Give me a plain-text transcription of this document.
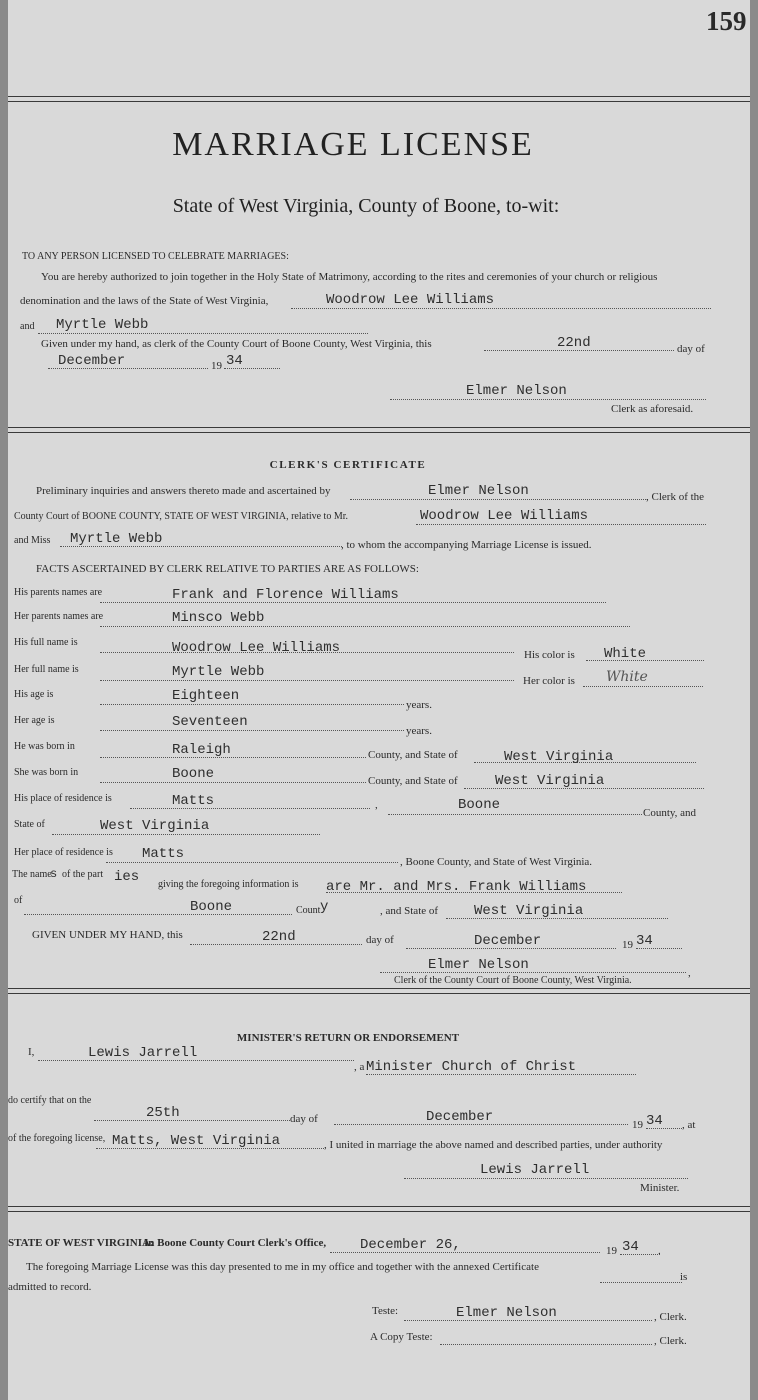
159
MARRIAGE LICENSE
State of West Virginia, County of Boone, to-wit:
TO ANY PERSON LICENSED TO CELEBRATE MARRIAGES:
You are hereby authorized to join together in the Holy State of Matrimony, according to the rites and ceremonies of your church or religious
denomination and the laws of the State of West Virginia,	Woodrow Lee Williams
and Myrtle Webb
Given under my hand, as clerk of the County Court of Boone County, West Virginia, this	22nd	day of
December	19 34
Elmer Nelson
Clerk as aforesaid.
CLERK'S CERTIFICATE
Preliminary inquiries and answers thereto made and ascertained by	Elmer Nelson	, Clerk of the
County Court of BOONE COUNTY, STATE OF WEST VIRGINIA, relative to Mr.	Woodrow Lee Williams
and Miss Myrtle Webb	, to whom the accompanying Marriage License is issued.
FACTS ASCERTAINED BY CLERK RELATIVE TO PARTIES ARE AS FOLLOWS:
His parents names are	Frank and Florence Williams
Her parents names are	Minsco Webb
His full name is	Woodrow Lee Williams	His color is White
Her full name is	Myrtle Webb
Her color is White
His age is	Eighteen
years.
Her age is	Seventeen
years.
He was born in	Raleigh	County, and State of	West Virginia
She was born in	Boone	County, and State of	West Virginia
His place of residence is	Matts	,	Boone	County, and
State of	West Virginia
Her place of residence is Matts	, Boone County, and State of West Virginia.
The name
s of the part ies giving the foregoing information is are Mr. and Mrs. Frank Williams
of	Boone	Count y	, and State of	West Virginia
GIVEN UNDER MY HAND, this	22nd	day of	December	19 34
Elmer Nelson	,
Clerk of the County Court of Boone County, West Virginia.
MINISTER'S RETURN OR ENDORSEMENT
I,	Lewis Jarrell
, a Minister Church of Christ
do certify that on the
25th	day of	December	19 34 , at
of the foregoing license, Matts, West Virginia	, I united in marriage the above named and described parties, under authority
Lewis Jarrell
Minister.
STATE OF WEST VIRGINIA:
In Boone County Court Clerk's Office, December 26,	19 34 .
The foregoing Marriage License was this day presented to me in my office and together with the annexed Certificate
is
admitted to record.
Teste:	Elmer Nelson	, Clerk.
A Copy Teste:	, Clerk.
